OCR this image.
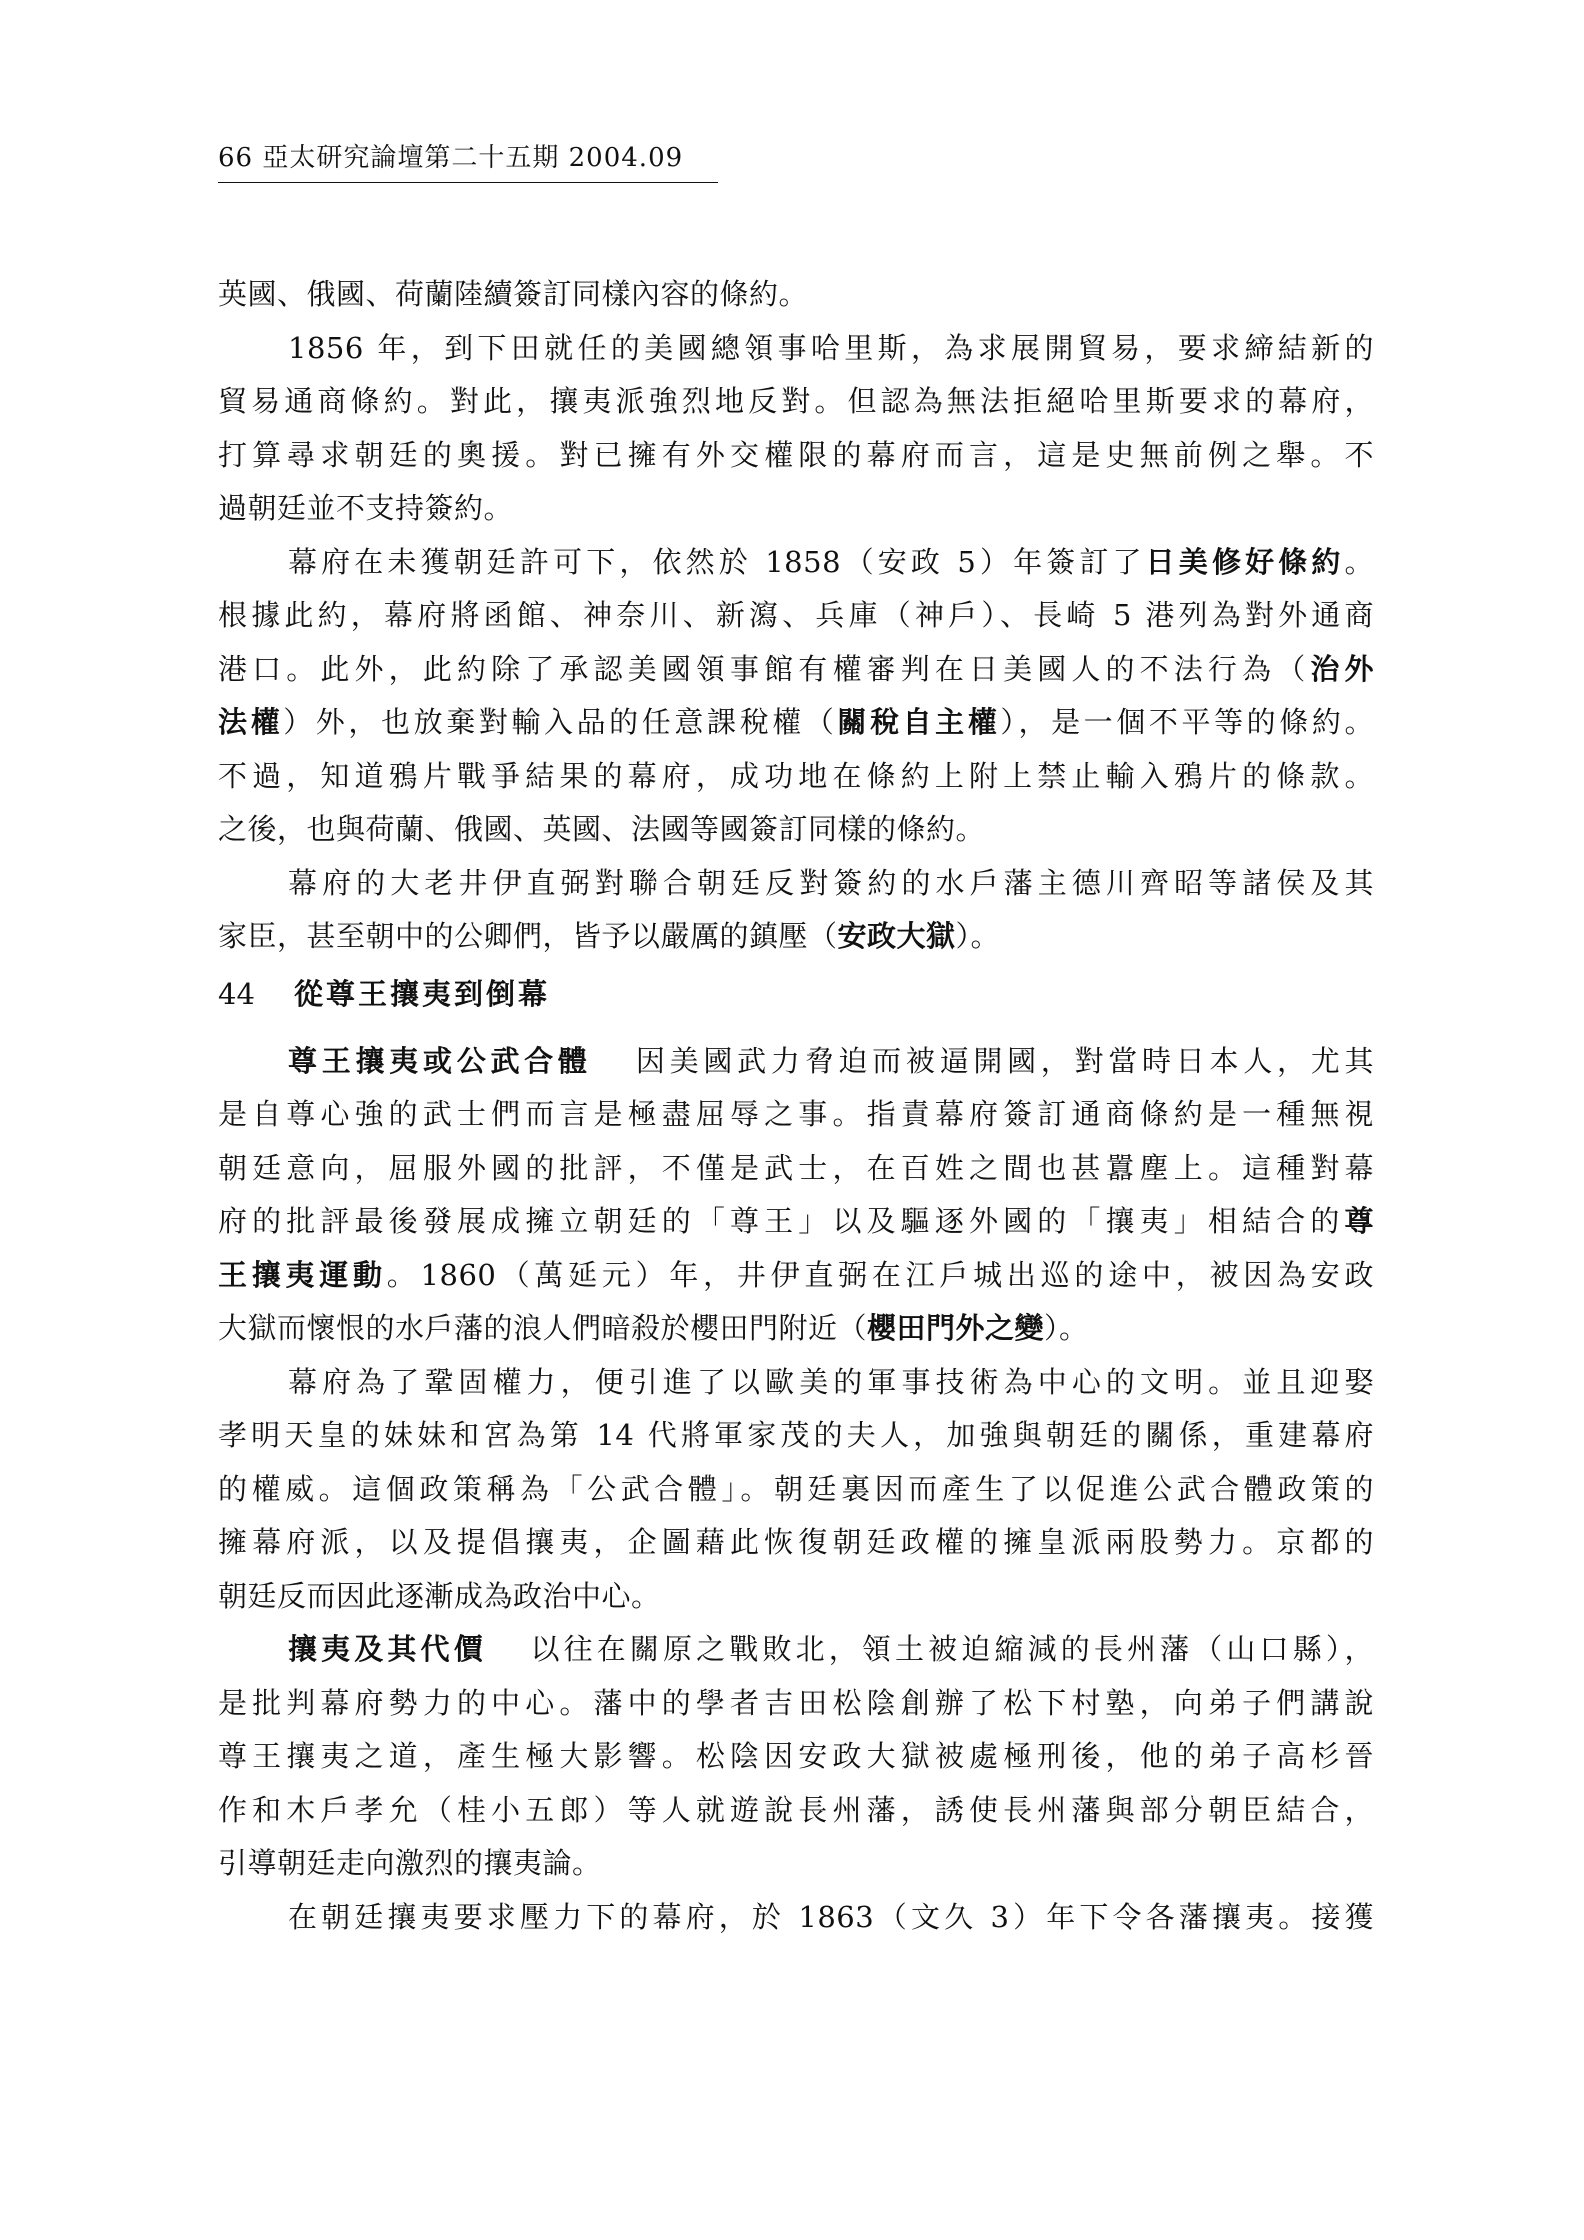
66 亞太研究論壇第二十五期 2004.09
英國、俄國、荷蘭陸續簽訂同樣內容的條約。
1856 年，到下田就任的美國總領事哈里斯，為求展開貿易，要求締結新的
貿易通商條約。對此，攘夷派強烈地反對。但認為無法拒絕哈里斯要求的幕府，
打算尋求朝廷的奧援。對已擁有外交權限的幕府而言，這是史無前例之舉。不
過朝廷並不支持簽約。
幕府在未獲朝廷許可下，依然於 1858（安政 5）年簽訂了日美修好條約。
根據此約，幕府將函館、神奈川、新瀉、兵庫（神戶）、長崎 5 港列為對外通商
港口。此外，此約除了承認美國領事館有權審判在日美國人的不法行為（治外
法權）外，也放棄對輸入品的任意課稅權（關稅自主權），是一個不平等的條約。
不過，知道鴉片戰爭結果的幕府，成功地在條約上附上禁止輸入鴉片的條款。
之後，也與荷蘭、俄國、英國、法國等國簽訂同樣的條約。
幕府的大老井伊直弼對聯合朝廷反對簽約的水戶藩主德川齊昭等諸侯及其
家臣，甚至朝中的公卿們，皆予以嚴厲的鎮壓（安政大獄）。
44 從尊王攘夷到倒幕
尊王攘夷或公武合體 因美國武力脅迫而被逼開國，對當時日本人，尤其
是自尊心強的武士們而言是極盡屈辱之事。指責幕府簽訂通商條約是一種無視
朝廷意向，屈服外國的批評，不僅是武士，在百姓之間也甚囂塵上。這種對幕
府的批評最後發展成擁立朝廷的「尊王」以及驅逐外國的「攘夷」相結合的尊
王攘夷運動。1860（萬延元）年，井伊直弼在江戶城出巡的途中，被因為安政
大獄而懷恨的水戶藩的浪人們暗殺於櫻田門附近（櫻田門外之變）。
幕府為了鞏固權力，便引進了以歐美的軍事技術為中心的文明。並且迎娶
孝明天皇的妹妹和宮為第 14 代將軍家茂的夫人，加強與朝廷的關係，重建幕府
的權威。這個政策稱為「公武合體」。朝廷裏因而產生了以促進公武合體政策的
擁幕府派，以及提倡攘夷，企圖藉此恢復朝廷政權的擁皇派兩股勢力。京都的
朝廷反而因此逐漸成為政治中心。
攘夷及其代價 以往在關原之戰敗北，領土被迫縮減的長州藩（山口縣），
是批判幕府勢力的中心。藩中的學者吉田松陰創辦了松下村塾，向弟子們講說
尊王攘夷之道，產生極大影響。松陰因安政大獄被處極刑後，他的弟子高杉晉
作和木戶孝允（桂小五郎）等人就遊說長州藩，誘使長州藩與部分朝臣結合，
引導朝廷走向激烈的攘夷論。
在朝廷攘夷要求壓力下的幕府，於 1863（文久 3）年下令各藩攘夷。接獲
